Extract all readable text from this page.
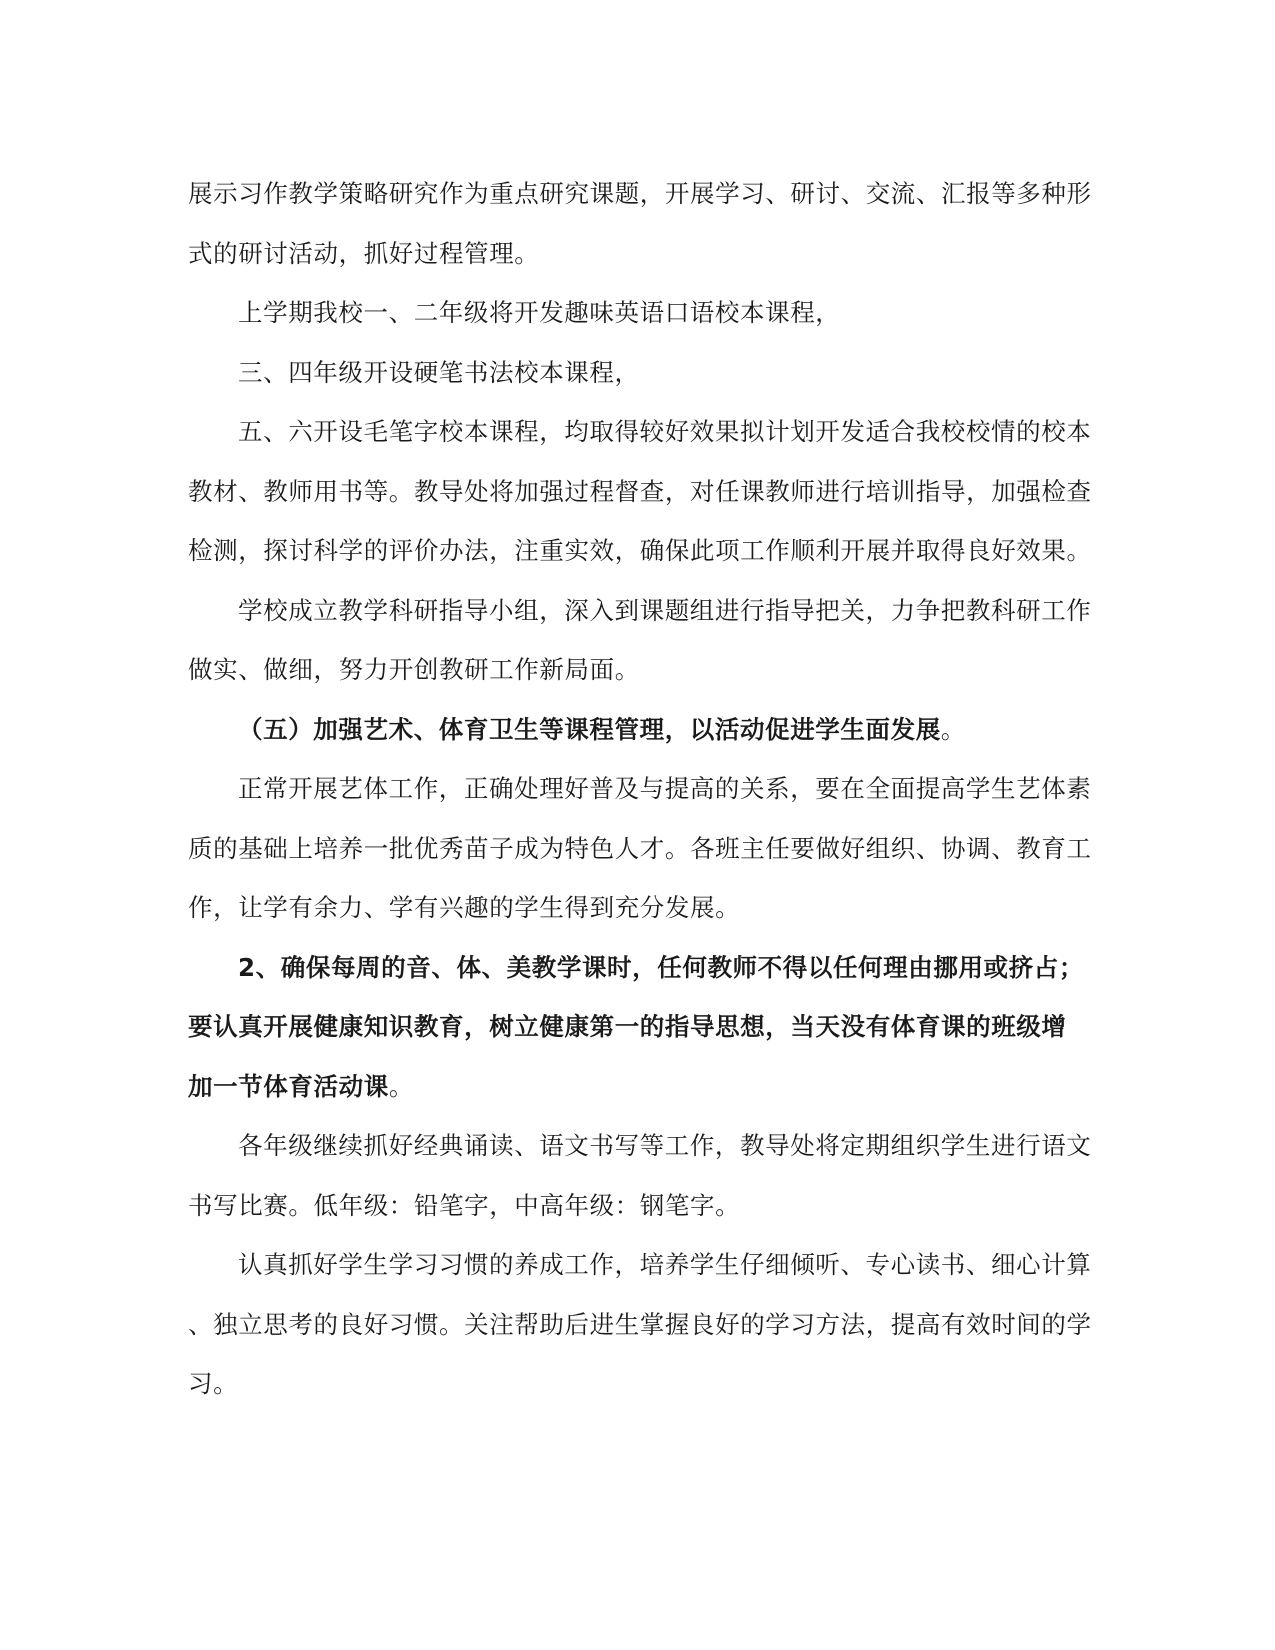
展示习作教学策略研究作为重点研究课题，开展学习、研讨、交流、汇报等多种形
式的研讨活动，抓好过程管理。
上学期我校一、二年级将开发趣味英语口语校本课程，
三、四年级开设硬笔书法校本课程，
五、六开设毛笔字校本课程，均取得较好效果拟计划开发适合我校校情的校本
教材、教师用书等。教导处将加强过程督查，对任课教师进行培训指导，加强检查
检测，探讨科学的评价办法，注重实效，确保此项工作顺利开展并取得良好效果。
学校成立教学科研指导小组，深入到课题组进行指导把关，力争把教科研工作
做实、做细，努力开创教研工作新局面。
（五）加强艺术、体育卫生等课程管理，以活动促进学生面发展。
正常开展艺体工作，正确处理好普及与提高的关系，要在全面提高学生艺体素
质的基础上培养一批优秀苗子成为特色人才。各班主任要做好组织、协调、教育工
作，让学有余力、学有兴趣的学生得到充分发展。
2、确保每周的音、体、美教学课时，任何教师不得以任何理由挪用或挤占；
要认真开展健康知识教育，树立健康第一的指导思想，当天没有体育课的班级增
加一节体育活动课。
各年级继续抓好经典诵读、语文书写等工作，教导处将定期组织学生进行语文
书写比赛。低年级：铅笔字，中高年级：钢笔字。
认真抓好学生学习习惯的养成工作，培养学生仔细倾听、专心读书、细心计算
、独立思考的良好习惯。关注帮助后进生掌握良好的学习方法，提高有效时间的学
习。
